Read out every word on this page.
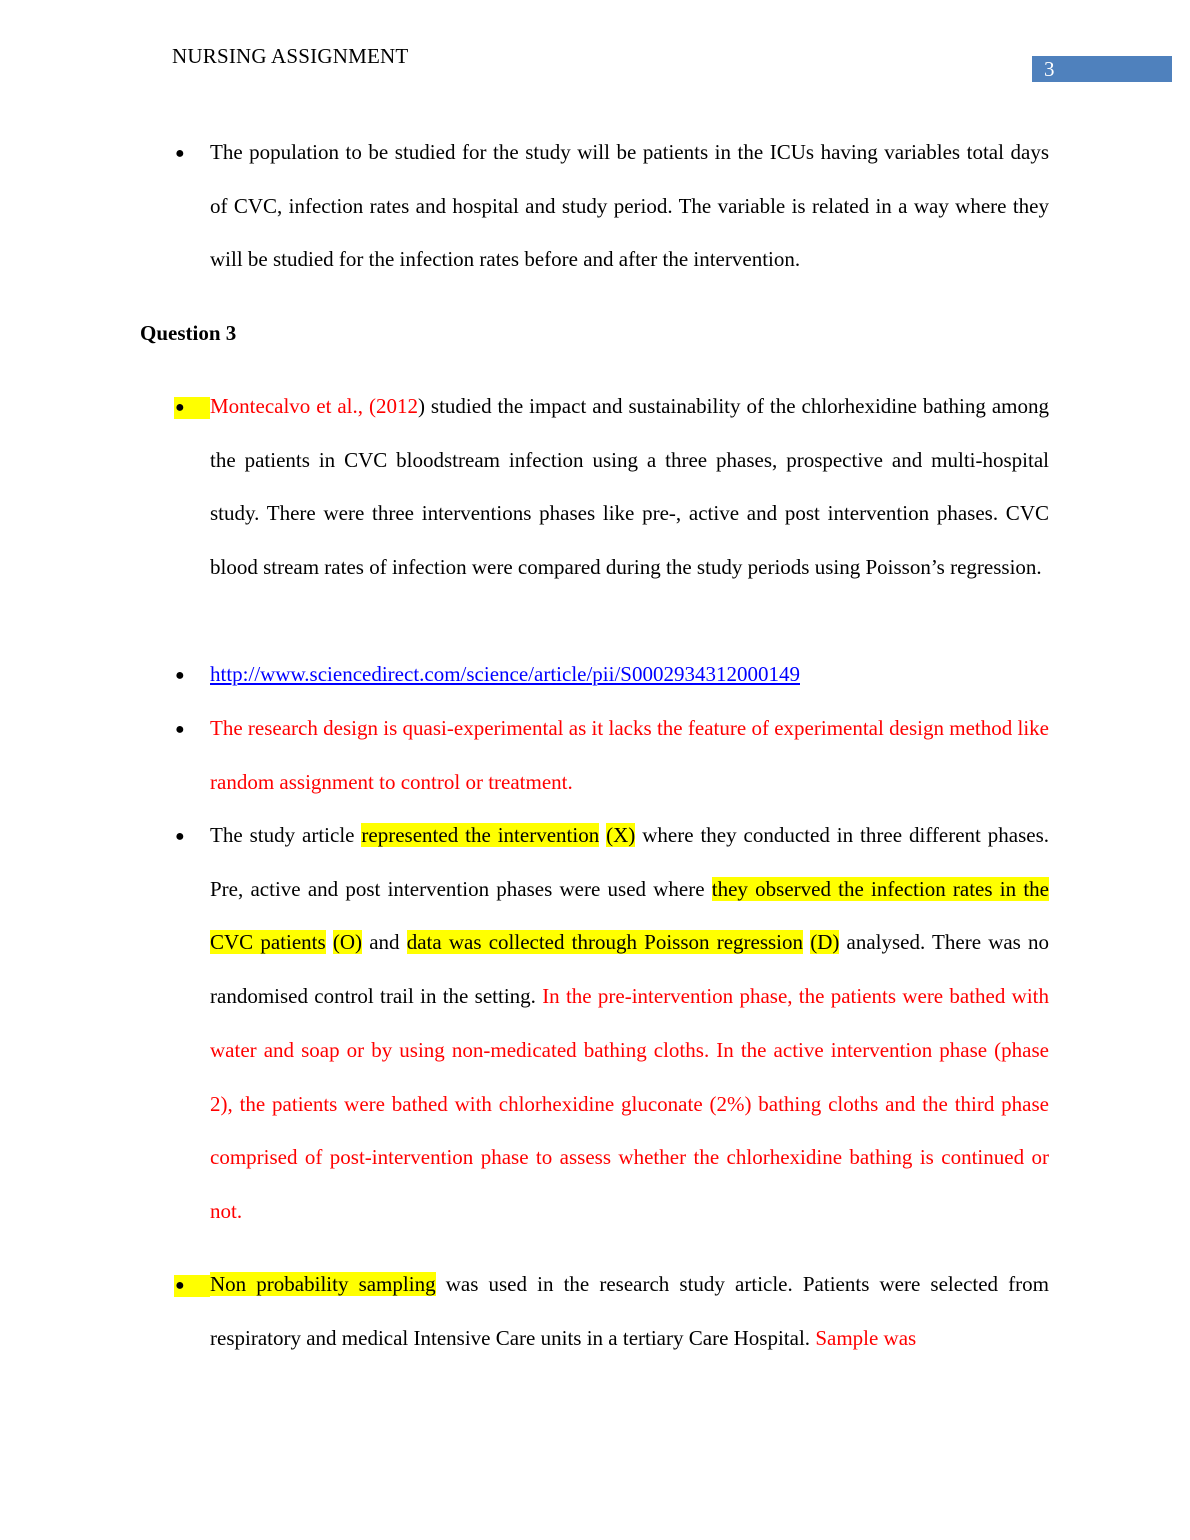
NURSING ASSIGNMENT
3
●	The population to be studied for the study will be patients in the ICUs having variables total days of CVC, infection rates and hospital and study period. The variable is related in a way where they will be studied for the infection rates before and after the intervention.
Question 3
●	Montecalvo et al., (2012) studied the impact and sustainability of the chlorhexidine bathing among the patients in CVC bloodstream infection using a three phases, prospective and multi-hospital study. There were three interventions phases like pre-, active and post intervention phases. CVC blood stream rates of infection were compared during the study periods using Poisson’s regression.
●	http://www.sciencedirect.com/science/article/pii/S0002934312000149
●	The research design is quasi-experimental as it lacks the feature of experimental design method like random assignment to control or treatment.
●	The study article represented the intervention (X) where they conducted in three different phases. Pre, active and post intervention phases were used where they observed the infection rates in the CVC patients (O) and data was collected through Poisson regression (D) analysed. There was no randomised control trail in the setting. In the pre-intervention phase, the patients were bathed with water and soap or by using non-medicated bathing cloths. In the active intervention phase (phase 2), the patients were bathed with chlorhexidine gluconate (2%) bathing cloths and the third phase comprised of post-intervention phase to assess whether the chlorhexidine bathing is continued or not.
●	Non probability sampling was used in the research study article. Patients were selected from respiratory and medical Intensive Care units in a tertiary Care Hospital. Sample was
